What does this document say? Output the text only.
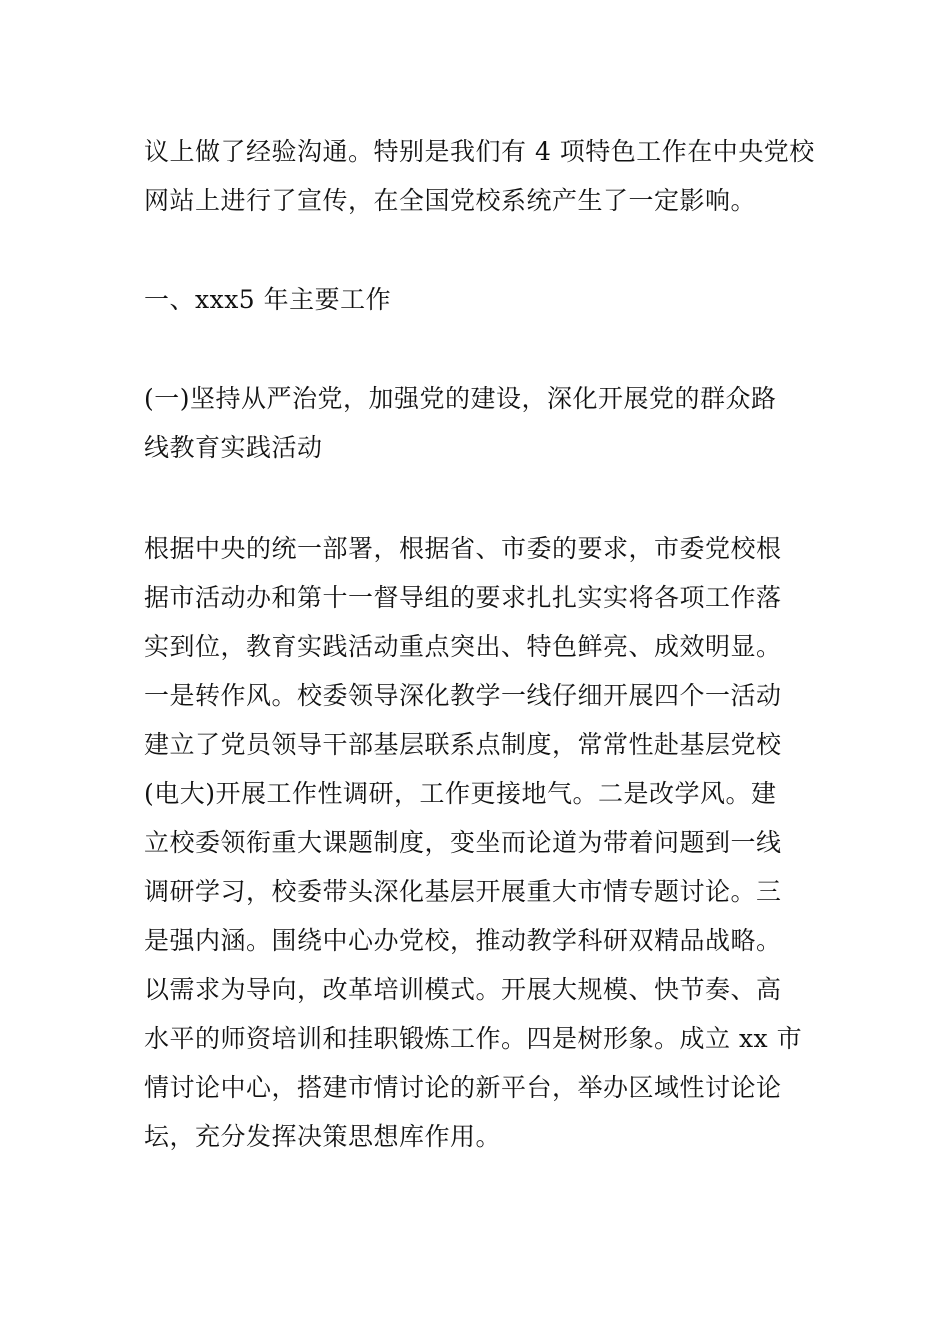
议上做了经验沟通。特别是我们有 4 项特色工作在中央党校
网站上进行了宣传，在全国党校系统产生了一定影响。
一、xxx5 年主要工作
(一)坚持从严治党，加强党的建设，深化开展党的群众路
线教育实践活动
根据中央的统一部署，根据省、市委的要求，市委党校根
据市活动办和第十一督导组的要求扎扎实实将各项工作落
实到位，教育实践活动重点突出、特色鲜亮、成效明显。
一是转作风。校委领导深化教学一线仔细开展四个一活动
建立了党员领导干部基层联系点制度，常常性赴基层党校
(电大)开展工作性调研，工作更接地气。二是改学风。建
立校委领衔重大课题制度，变坐而论道为带着问题到一线
调研学习，校委带头深化基层开展重大市情专题讨论。三
是强内涵。围绕中心办党校，推动教学科研双精品战略。
以需求为导向，改革培训模式。开展大规模、快节奏、高
水平的师资培训和挂职锻炼工作。四是树形象。成立 xx 市
情讨论中心，搭建市情讨论的新平台，举办区域性讨论论
坛，充分发挥决策思想库作用。
